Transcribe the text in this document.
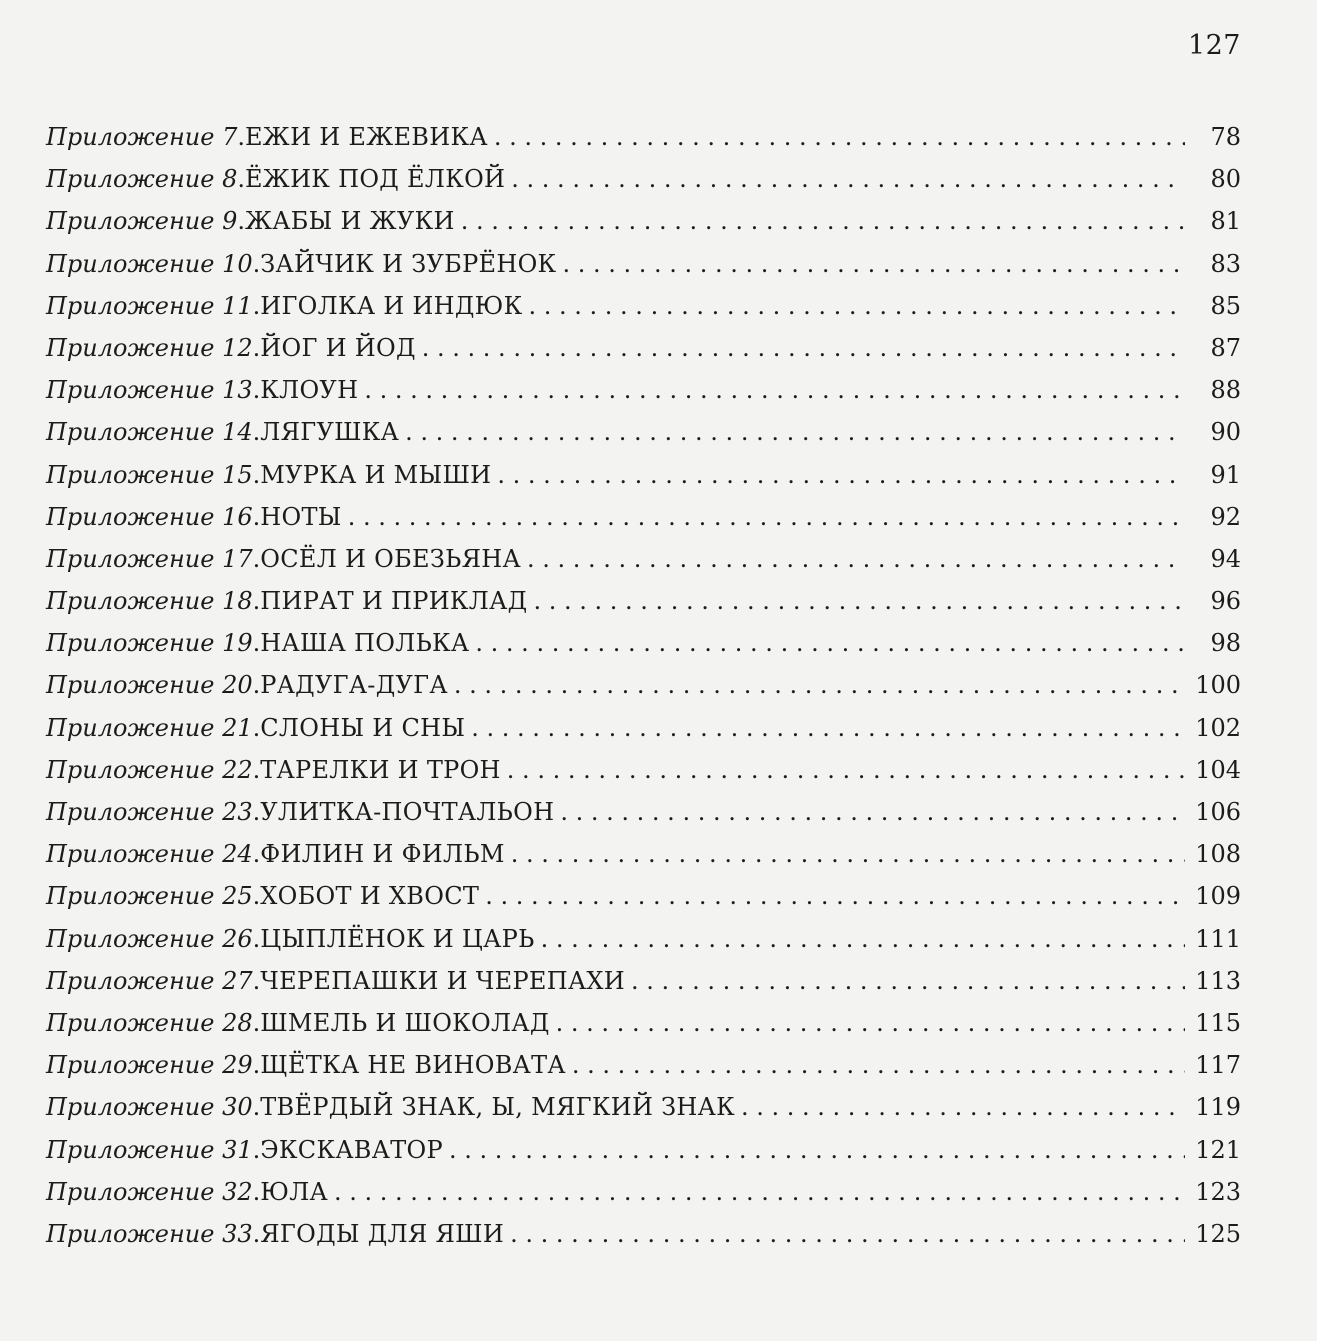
127
Приложение 7 . ЕЖИ И ЕЖЕВИКА . . .	78
Приложение 8 . ЁЖИК ПОД ЁЛКОЙ . . .	80
Приложение 9 . ЖАБЫ И ЖУКИ . . .	81
Приложение 10 . ЗАЙЧИК И ЗУБРЁНОК . . .	83
Приложение 11 . ИГОЛКА И ИНДЮК . . .	85
Приложение 12 . ЙОГ И ЙОД . . .	87
Приложение 13 . КЛОУН . . .	88
Приложение 14 . ЛЯГУШКА . . .	90
Приложение 15 . МУРКА И МЫШИ . . .	91
Приложение 16 . НОТЫ . . .	92
Приложение 17 . ОСЁЛ И ОБЕЗЬЯНА . . .	94
Приложение 18 . ПИРАТ И ПРИКЛАД . . .	96
Приложение 19 . НАША ПОЛЬКА . . .	98
Приложение 20 . РАДУГА-ДУГА . . .	100
Приложение 21 . СЛОНЫ И СНЫ . . .	102
Приложение 22 . ТАРЕЛКИ И ТРОН . . .	104
Приложение 23 . УЛИТКА-ПОЧТАЛЬОН . . .	106
Приложение 24 . ФИЛИН И ФИЛЬМ . . .	108
Приложение 25 . ХОБОТ И ХВОСТ . . .	109
Приложение 26 . ЦЫПЛЁНОК И ЦАРЬ . . .	111
Приложение 27 . ЧЕРЕПАШКИ И ЧЕРЕПАХИ . . .	113
Приложение 28 . ШМЕЛЬ И ШОКОЛАД . . .	115
Приложение 29 . ЩЁТКА НЕ ВИНОВАТА . . .	117
Приложение 30 . ТВЁРДЫЙ ЗНАК, Ы, МЯГКИЙ ЗНАК . . .	119
Приложение 31 . ЭКСКАВАТОР . . .	121
Приложение 32 . ЮЛА . . .	123
Приложение 33 . ЯГОДЫ ДЛЯ ЯШИ . . .	125
